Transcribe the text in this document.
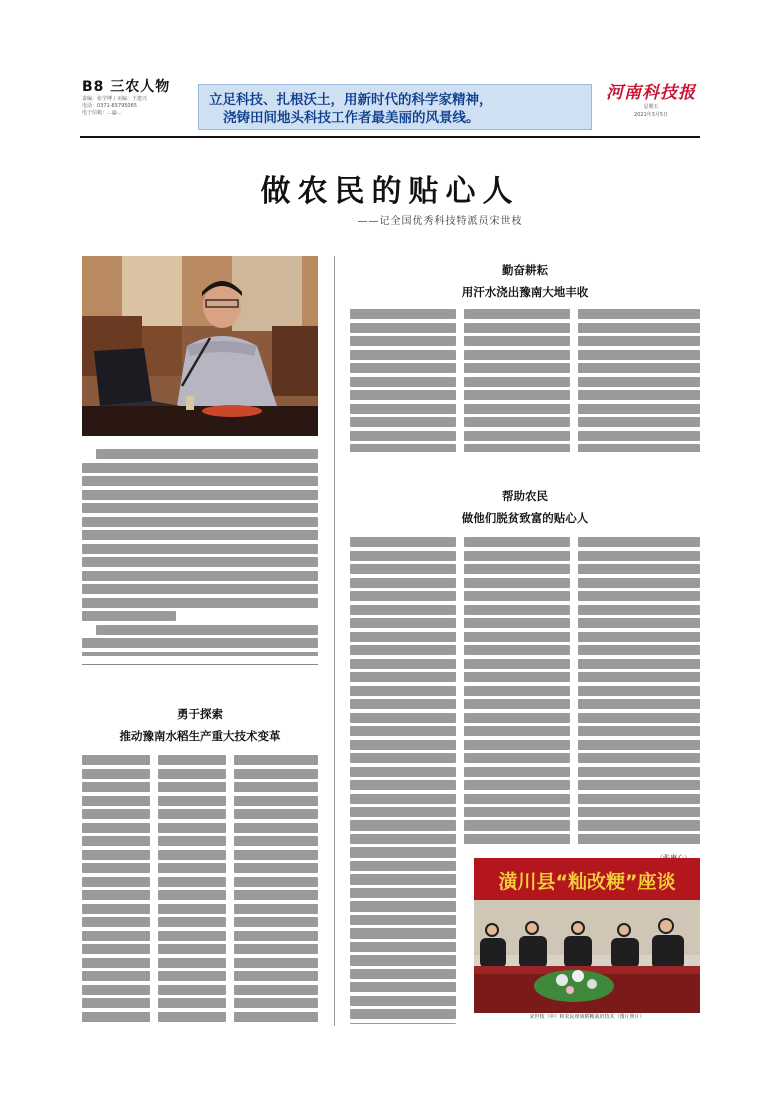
B8 三农人物
责编：张学博 / 美编：王建兴
电话：0371-65795065
电子信箱：...@...
立足科技、扎根沃土，用新时代的科学家精神，
浇铸田间地头科技工作者最美丽的风景线。
河南科技报
星期五
2021年3月5日
做农民的贴心人
——记全国优秀科技特派员宋世枝
勇于探索
推动豫南水稻生产重大技术变革
勤奋耕耘
用汗水浇出豫南大地丰收
帮助农民
做他们脱贫致富的贴心人
潢川县“籼改粳”座谈
宋世枝（中）和农民座谈稻粳栽培技术（图片照片）
